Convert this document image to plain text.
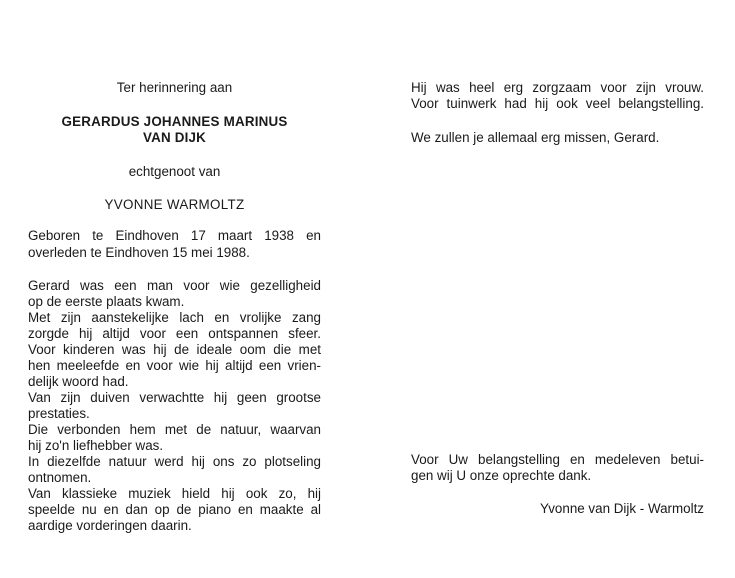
Ter herinnering aan
GERARDUS JOHANNES MARINUS
VAN DIJK
echtgenoot van
YVONNE WARMOLTZ
Geboren te Eindhoven 17 maart 1938 en
overleden te Eindhoven 15 mei 1988.
Gerard was een man voor wie gezelligheid
op de eerste plaats kwam.
Met zijn aanstekelijke lach en vrolijke zang
zorgde hij altijd voor een ontspannen sfeer.
Voor kinderen was hij de ideale oom die met
hen meeleefde en voor wie hij altijd een vrien-
delijk woord had.
Van zijn duiven verwachtte hij geen grootse
prestaties.
Die verbonden hem met de natuur, waarvan
hij zo'n liefhebber was.
In diezelfde natuur werd hij ons zo plotseling
ontnomen.
Van klassieke muziek hield hij ook zo, hij
speelde nu en dan op de piano en maakte al
aardige vorderingen daarin.
Hij was heel erg zorgzaam voor zijn vrouw.
Voor tuinwerk had hij ook veel belangstelling.
We zullen je allemaal erg missen, Gerard.
Voor Uw belangstelling en medeleven betui-
gen wij U onze oprechte dank.
Yvonne van Dijk - Warmoltz
